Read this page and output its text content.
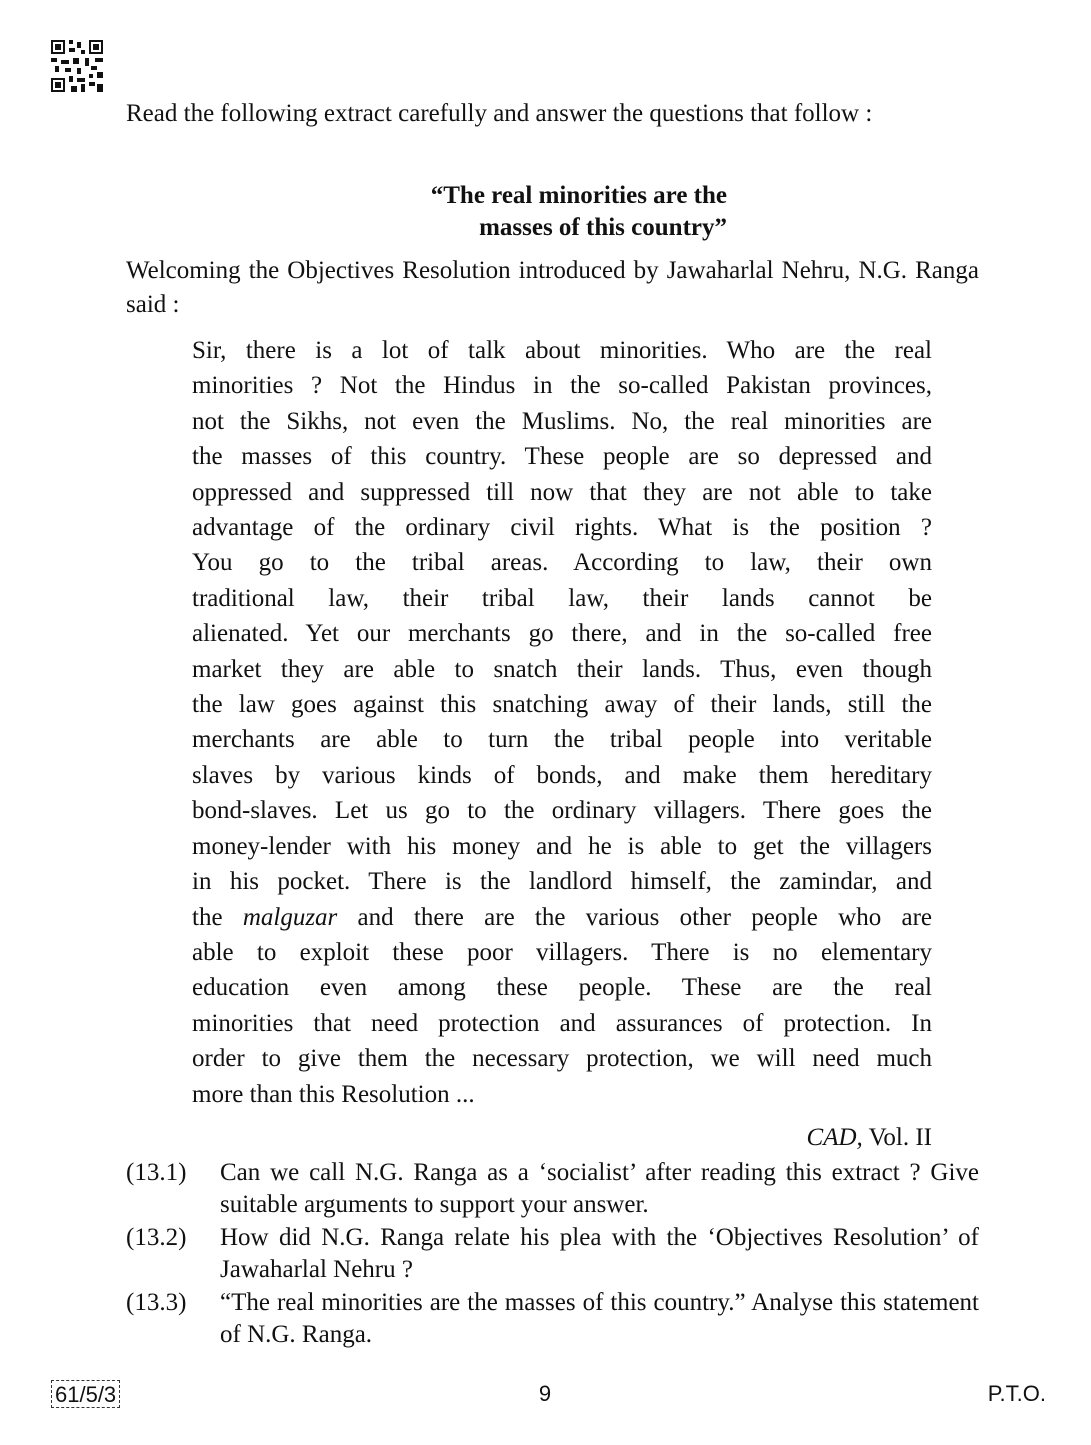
Read the following extract carefully and answer the questions that follow :

“The real minorities are the
masses of this country”

Welcoming the Objectives Resolution introduced by Jawaharlal Nehru, N.G. Ranga said :

Sir, there is a lot of talk about minorities. Who are the real
minorities ? Not the Hindus in the so-called Pakistan provinces,
not the Sikhs, not even the Muslims. No, the real minorities are
the masses of this country. These people are so depressed and
oppressed and suppressed till now that they are not able to take
advantage of the ordinary civil rights. What is the position ?
You go to the tribal areas. According to law, their own
traditional law, their tribal law, their lands cannot be
alienated. Yet our merchants go there, and in the so-called free
market they are able to snatch their lands. Thus, even though
the law goes against this snatching away of their lands, still the
merchants are able to turn the tribal people into veritable
slaves by various kinds of bonds, and make them hereditary
bond-slaves. Let us go to the ordinary villagers. There goes the
money-lender with his money and he is able to get the villagers
in his pocket. There is the landlord himself, the zamindar, and
the malguzar and there are the various other people who are
able to exploit these poor villagers. There is no elementary
education even among these people. These are the real
minorities that need protection and assurances of protection. In
order to give them the necessary protection, we will need much
more than this Resolution ...

CAD, Vol. II

(13.1) Can we call N.G. Ranga as a ‘socialist’ after reading this extract ? Give suitable arguments to support your answer.
(13.2) How did N.G. Ranga relate his plea with the ‘Objectives Resolution’ of Jawaharlal Nehru ?
(13.3) “The real minorities are the masses of this country.” Analyse this statement of N.G. Ranga.
61/5/3	9	P.T.O.
